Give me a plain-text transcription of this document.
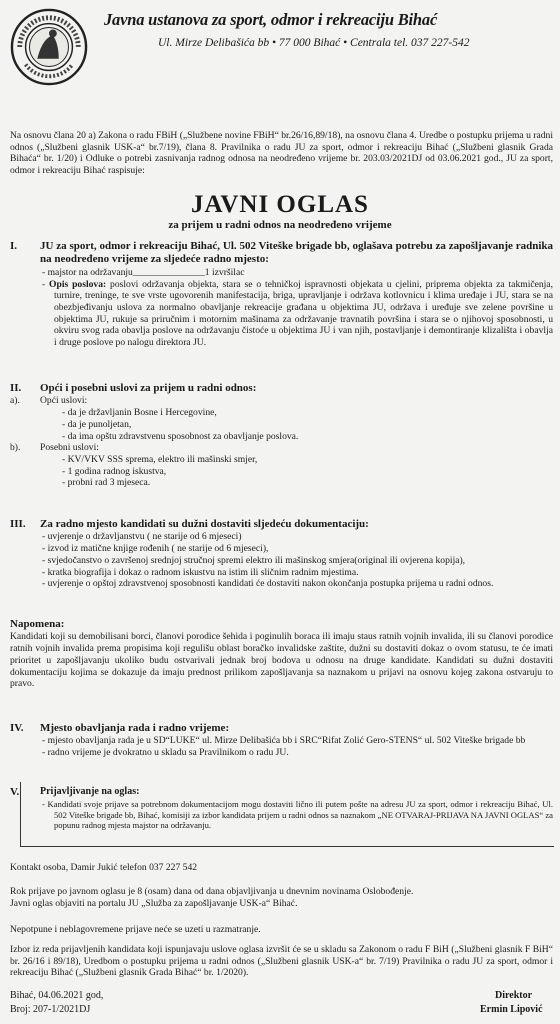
Javna ustanova za sport, odmor i rekreaciju Bihać
Ul. Mirze Delibašića bb • 77 000 Bihać • Centrala tel. 037 227-542
Na osnovu člana 20 a) Zakona o radu FBiH („Službene novine FBiH“ br.26/16,89/18), na osnovu člana 4. Uredbe o postupku prijema u radni odnos („Službeni glasnik USK-a“ br.7/19), člana 8. Pravilnika o radu JU za sport, odmor i rekreaciju Bihać („Službeni glasnik Grada Bihaća“ br. 1/20) i Odluke o potrebi zasnivanja radnog odnosa na neodređeno vrijeme br. 203.03/2021DJ od 03.06.2021 god., JU za sport, odmor i rekreaciju Bihać raspisuje:
JAVNI OGLAS
za prijem u radni odnos na neodređeno vrijeme
I.	JU za sport, odmor i rekreaciju Bihać, Ul. 502 Viteške brigade bb, oglašava potrebu za zapošljavanje radnika na neodređeno vrijeme za sljedeće radno mjesto:
- majstor na održavanju_______________1 izvršilac
- Opis poslova: poslovi održavanja objekta, stara se o tehničkoj ispravnosti objekata u cjelini, priprema objekta za takmičenja, turnire, treninge, te sve vrste ugovorenih manifestacija, briga, upravljanje i održava kotlovnicu i klima uređaje i JU, stara se na obezbjeđivanju uslova za normalno obavljanje rekreacije građana u objektima JU, održava i uređuje sve zelene površine u objektima JU, rukuje sa priručnim i motornim mašinama za održavanje travnatih površina i stara se o njihovoj sposobnosti, u okviru svog rada obavlja poslove na održavanju čistoće u objektima JU i van njih, postavljanje i demontiranje klizališta i obavlja i druge poslove po nalogu direktora JU.
II.	Opći i posebni uslovi za prijem u radni odnos:
a).	Opći uslovi:
- da je državljanin Bosne i Hercegovine,
- da je punoljetan,
- da ima opštu zdravstvenu sposobnost za obavljanje poslova.
b).	Posebni uslovi:
- KV/VKV SSS sprema, elektro ili mašinski smjer,
- 1 godina radnog iskustva,
- probni rad 3 mjeseca.
III.	Za radno mjesto kandidati su dužni dostaviti sljedeću dokumentaciju:
- uvjerenje o državljanstvu ( ne starije od 6 mjeseci)
- izvod iz matične knjige rođenih ( ne starije od 6 mjeseci),
- svjedočanstvo o završenoj srednjoj stručnoj spremi elektro ili mašinskog smjera(original ili ovjerena kopija),
- kratka biografija i dokaz o radnom iskustvu na istim ili sličnim radnim mjestima.
- uvjerenje o opštoj zdravstvenoj sposobnosti kandidati će dostaviti nakon okončanja postupka prijema u radni odnos.
Napomena:
Kandidati koji su demobilisani borci, članovi porodice šehida i poginulih boraca ili imaju staus ratnih vojnih invalida, ili su članovi porodice ratnih vojnih invalida prema propisima koji regulišu oblast boračko invalidske zaštite, dužni su dostaviti dokaz o ovom statusu, te će imati prioritet u zapošljavanju ukoliko budu ostvarivali jednak broj bodova u odnosu na druge kandidate. Kandidati su dužni dostaviti dokumentaciju kojima se dokazuje da imaju prednost prilikom zapošljavanja sa naznakom u prijavi na osnovu kojeg zakona ostvaruju to pravo.
IV.	Mjesto obavljanja rada i radno vrijeme:
- mjesto obavljanja rada je u SD“LUKE“ ul. Mirze Delibašića bb i SRC“Rifat Zolić Gero-STENS“ ul. 502 Viteške brigade bb
- radno vrijeme je dvokratno u skladu sa Pravilnikom o radu JU.
V.	Prijavljivanje na oglas:
- Kandidati svoje prijave sa potrebnom dokumentacijom mogu dostaviti lično ili putem pošte na adresu JU za sport, odmor i rekreaciju Bihać, Ul. 502 Viteške brigade bb, Bihać, komisiji za izbor kandidata prijem u radni odnos sa naznakom „NE OTVARAJ-PRIJAVA NA JAVNI OGLAS“ za popunu radnog mjesta majstor na održavanju.
Kontakt osoba, Damir Jukić telefon 037 227 542
Rok prijave po javnom oglasu je 8 (osam) dana od dana objavljivanja u dnevnim novinama Oslobođenje.
Javni oglas objaviti na portalu JU „Služba za zapošljavanje USK-a“ Bihać.
Nepotpune i neblagovremene prijave neće se uzeti u razmatranje.
Izbor iz reda prijavljenih kandidata koji ispunjavaju uslove oglasa izvršit će se u skladu sa Zakonom o radu F BiH („Službeni glasnik F BiH“ br. 26/16 i 89/18), Uredbom o postupku prijema u radni odnos („Službeni glasnik USK-a“ br. 7/19) Pravilnika o radu JU za sport, odmor i rekreaciju Bihać („Službeni glasnik Grada Bihać“ br. 1/2020).
Bihać, 04.06.2021 god,
Broj: 207-1/2021DJ
Direktor
Ermin Lipović
